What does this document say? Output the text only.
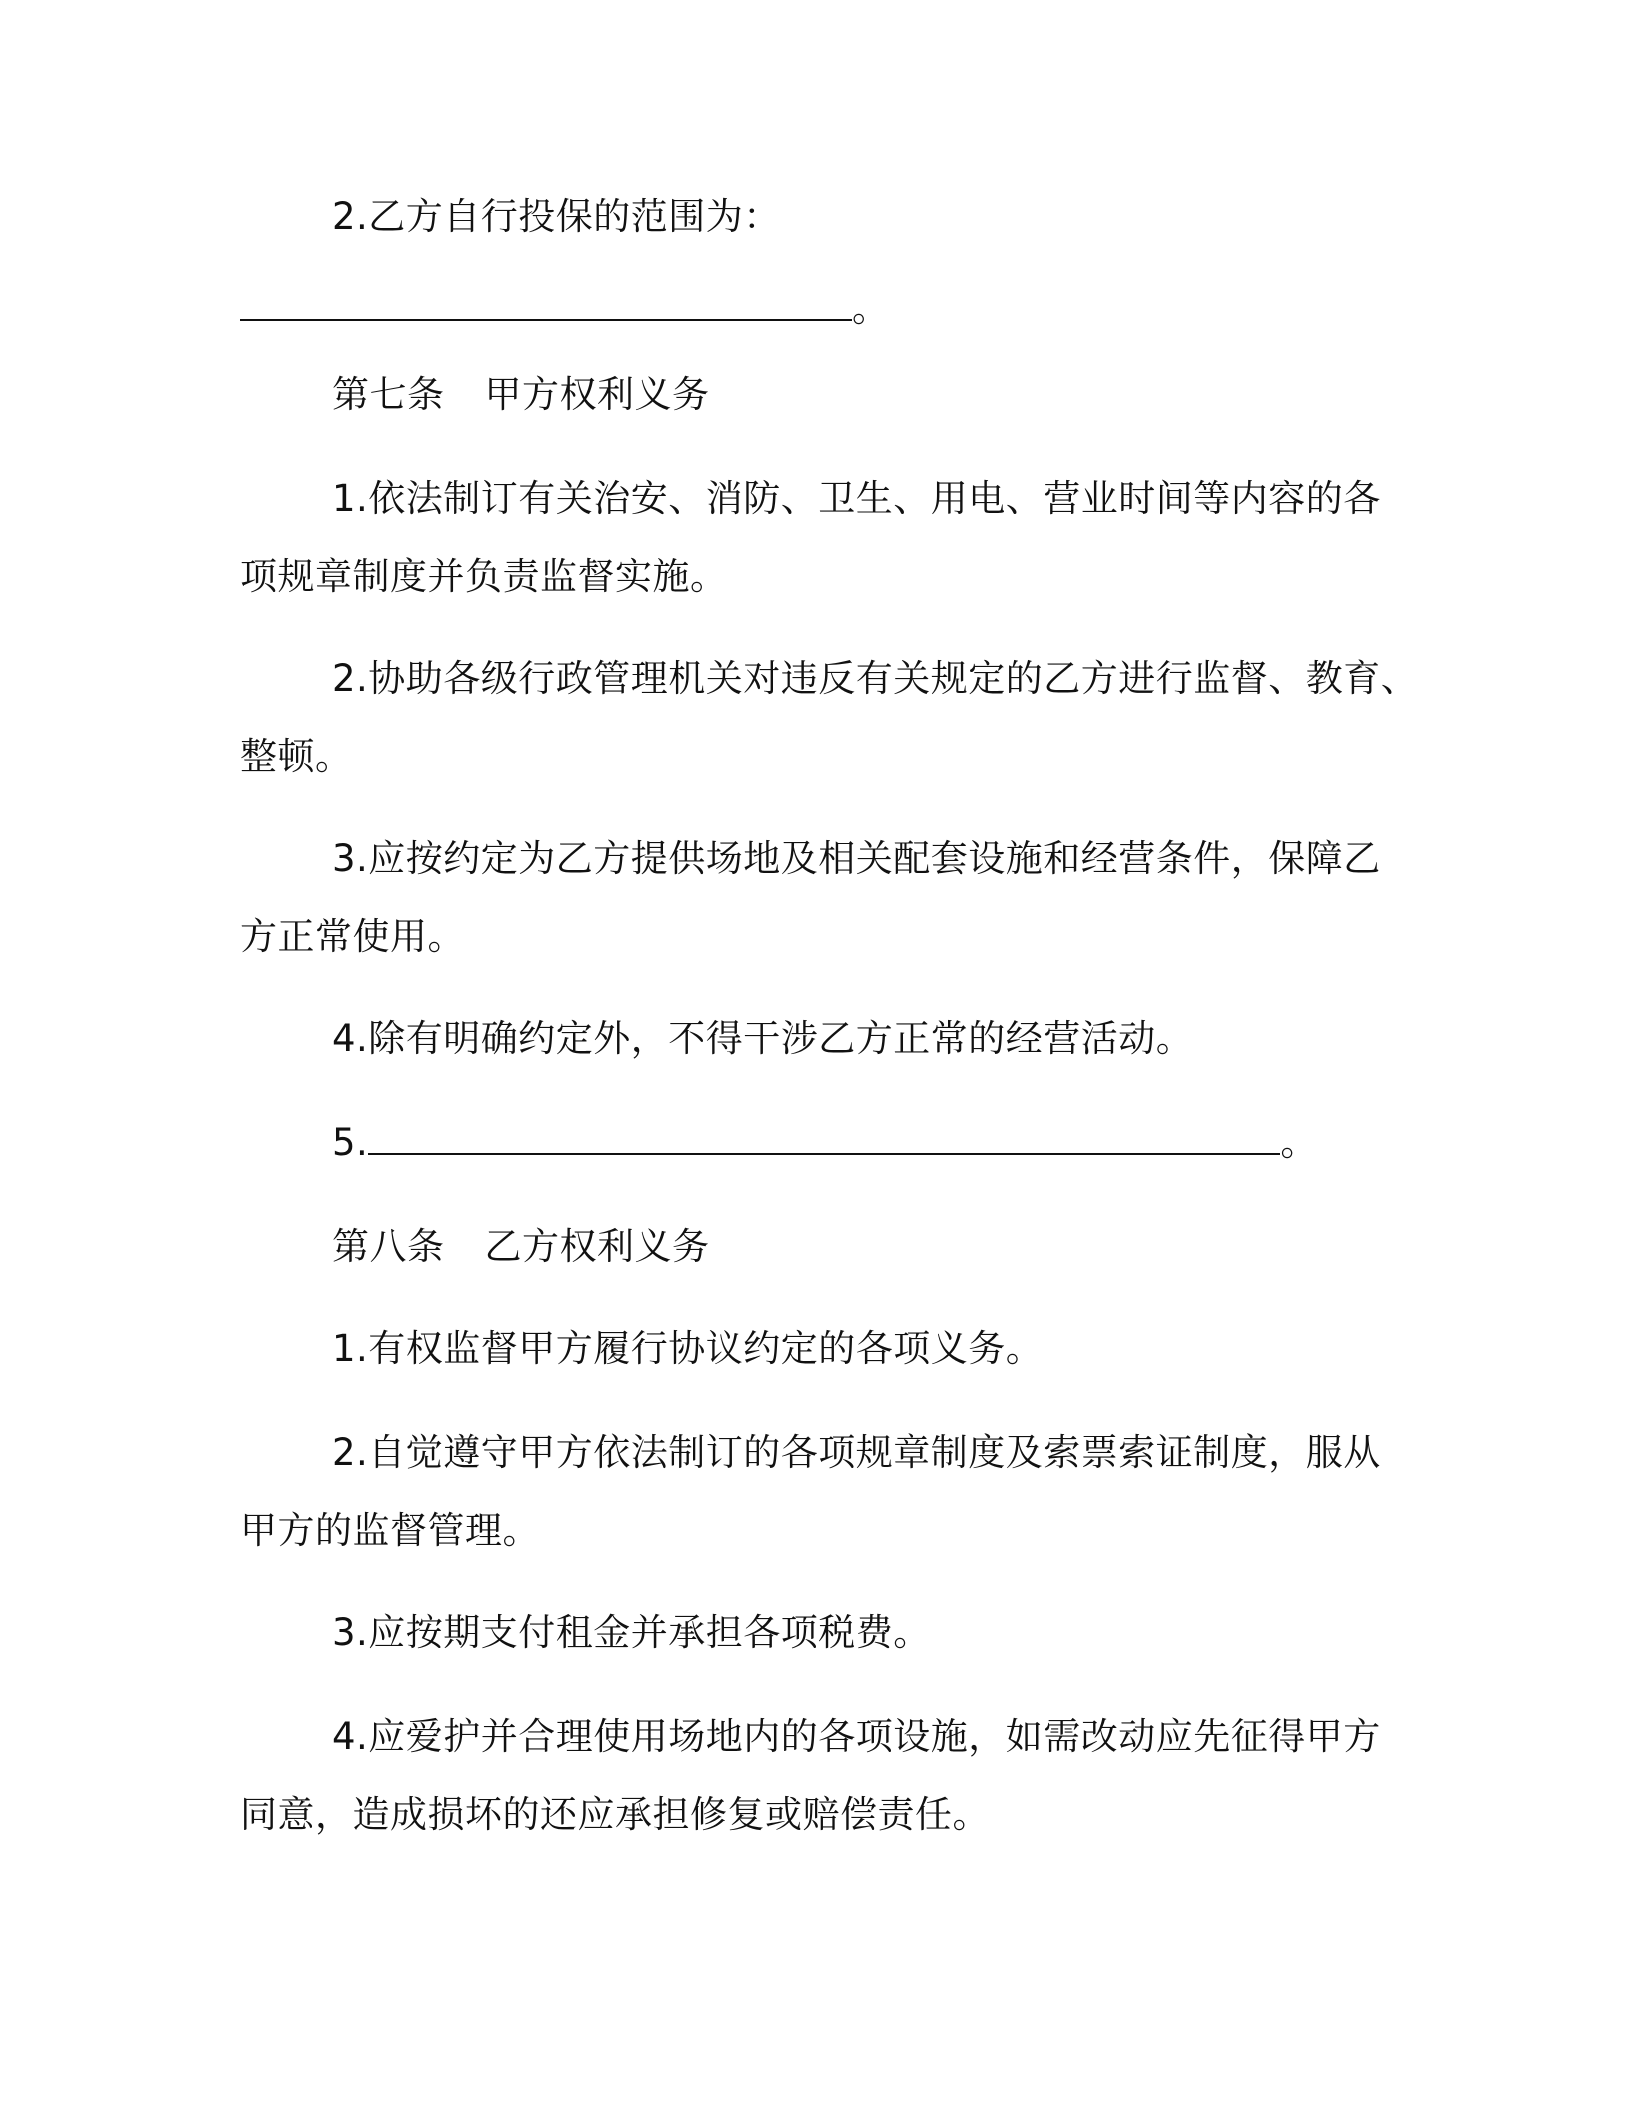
2.乙方自行投保的范围为：
。
第七条 甲方权利义务
1.依法制订有关治安、消防、卫生、用电、营业时间等内容的各
项规章制度并负责监督实施。
2.协助各级行政管理机关对违反有关规定的乙方进行监督、教育、
整顿。
3.应按约定为乙方提供场地及相关配套设施和经营条件，保障乙
方正常使用。
4.除有明确约定外，不得干涉乙方正常的经营活动。
5.	。
第八条 乙方权利义务
1.有权监督甲方履行协议约定的各项义务。
2.自觉遵守甲方依法制订的各项规章制度及索票索证制度，服从
甲方的监督管理。
3.应按期支付租金并承担各项税费。
4.应爱护并合理使用场地内的各项设施，如需改动应先征得甲方
同意，造成损坏的还应承担修复或赔偿责任。
